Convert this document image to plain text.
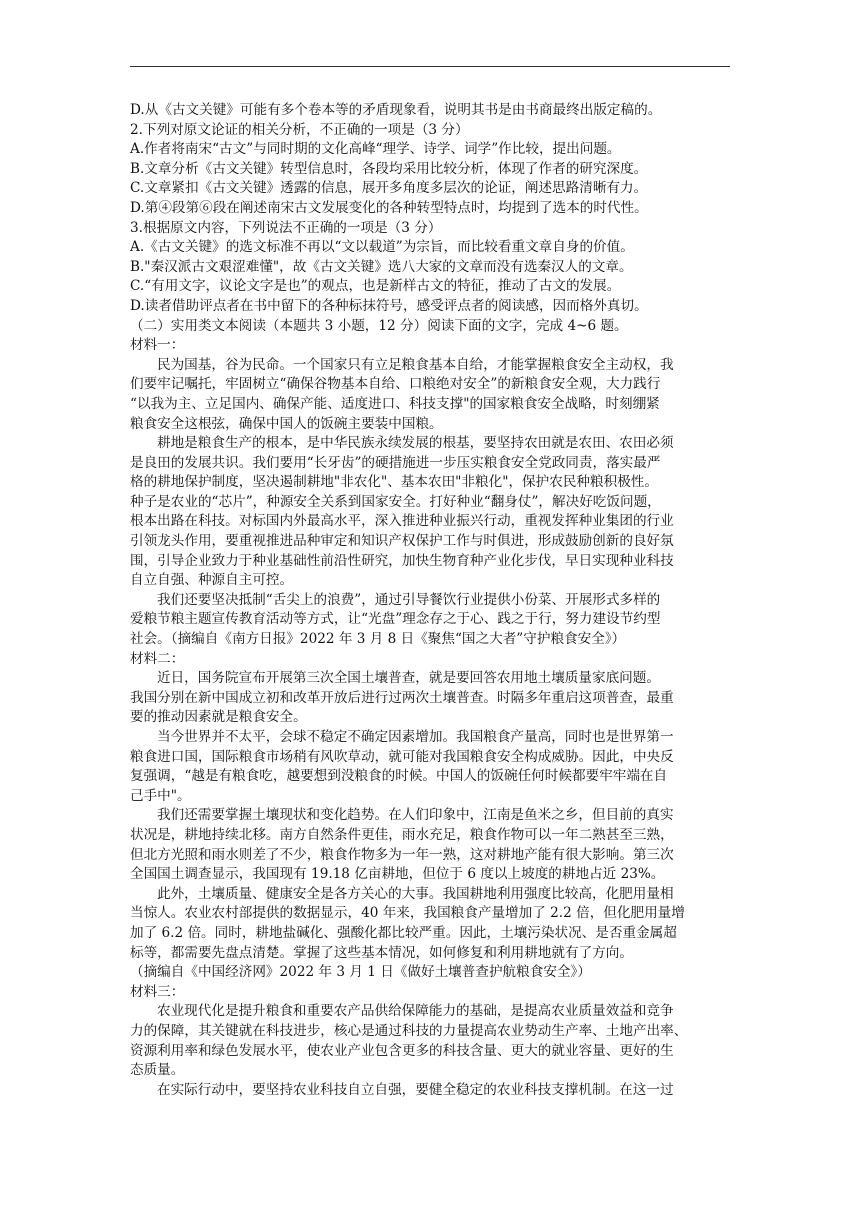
D.从《古文关键》可能有多个卷本等的矛盾现象看，说明其书是由书商最终出版定稿的。

2.下列对原文论证的相关分析，不正确的一项是（3 分）

A.作者将南宋“古文”与同时期的文化高峰“理学、诗学、词学”作比较，提出问题。

B.文章分析《古文关键》转型信息时，各段均采用比较分析，体现了作者的研究深度。

C.文章紧扣《古文关键》透露的信息，展开多角度多层次的论证，阐述思路清晰有力。

D.第④段第⑥段在阐述南宋古文发展变化的各种转型特点时，均提到了选本的时代性。

3.根据原文内容，下列说法不正确的一项是（3 分）

A.《古文关键》的选文标准不再以“文以载道”为宗旨，而比较看重文章自身的价值。

B."秦汉派古文艰涩难懂"，故《古文关键》选八大家的文章而没有选秦汉人的文章。

C.“有用文字，议论文字是也”的观点，也是新样古文的特征，推动了古文的发展。

D.读者借助评点者在书中留下的各种标抹符号，感受评点者的阅读感，因而格外真切。

（二）实用类文本阅读（本题共 3 小题，12 分）阅读下面的文字，完成 4~6 题。

材料一：

民为国基，谷为民命。一个国家只有立足粮食基本自给，才能掌握粮食安全主动权，我

们要牢记嘱托，牢固树立“确保谷物基本自给、口粮绝对安全”的新粮食安全观，大力践行

“以我为主、立足国内、确保产能、适度进口、科技支撑"的国家粮食安全战略，时刻绷紧

粮食安全这根弦，确保中国人的饭碗主要装中国粮。

耕地是粮食生产的根本，是中华民族永续发展的根基，要坚持农田就是农田、农田必须

是良田的发展共识。我们要用“长牙齿”的硬措施进一步压实粮食安全党政同责，落实最严

格的耕地保护制度，坚决遏制耕地"非农化"、基本农田"非粮化"，保护农民种粮积极性。

种子是农业的“芯片”，种源安全关系到国家安全。打好种业“翻身仗”，解决好吃饭问题，

根本出路在科技。对标国内外最高水平，深入推进种业振兴行动，重视发挥种业集团的行业

引领龙头作用，要重视推进品种审定和知识产权保护工作与时俱进，形成鼓励创新的良好氛

围，引导企业致力于种业基础性前沿性研究，加快生物育种产业化步伐，早日实现种业科技

自立自强、种源自主可控。

我们还要坚决抵制“舌尖上的浪费”，通过引导餐饮行业提供小份菜、开展形式多样的

爱粮节粮主题宣传教育活动等方式，让“光盘”理念存之于心、践之于行，努力建设节约型

社会。（摘编自《南方日报》2022 年 3 月 8 日《聚焦“国之大者”守护粮食安全》）

材料二：

近日，国务院宣布开展第三次全国土壤普查，就是要回答农用地土壤质量家底问题。

我国分别在新中国成立初和改革开放后进行过两次土壤普查。时隔多年重启这项普查，最重

要的推动因素就是粮食安全。

当今世界并不太平，会球不稳定不确定因素增加。我国粮食产量高，同时也是世界第一

粮食进口国，国际粮食市场稍有风吹草动，就可能对我国粮食安全构成威胁。因此，中央反

复强调，“越是有粮食吃，越要想到没粮食的时候。中国人的饭碗任何时候都要牢牢端在自

己手中"。

我们还需要掌握土壤现状和变化趋势。在人们印象中，江南是鱼米之乡，但目前的真实

状况是，耕地持续北移。南方自然条件更佳，雨水充足，粮食作物可以一年二熟甚至三熟，

但北方光照和雨水则差了不少，粮食作物多为一年一熟，这对耕地产能有很大影响。第三次

全国国土调查显示，我国现有 19.18 亿亩耕地，但位于 6 度以上坡度的耕地占近 23%。

此外，土壤质量、健康安全是各方关心的大事。我国耕地利用强度比较高，化肥用量相

当惊人。农业农村部提供的数据显示，40 年来，我国粮食产量增加了 2.2 倍，但化肥用量增

加了 6.2 倍。同时，耕地盐碱化、强酸化都比较严重。因此，土壤污染状况、是否重金属超

标等，都需要先盘点清楚。掌握了这些基本情况，如何修复和利用耕地就有了方向。

（摘编自《中国经济网》2022 年 3 月 1 日《做好土壤普查护航粮食安全》）

材料三：

农业现代化是提升粮食和重要农产品供给保障能力的基础，是提高农业质量效益和竞争

力的保障，其关键就在科技进步，核心是通过科技的力量提高农业势动生产率、土地产出率、

资源利用率和绿色发展水平，使农业产业包含更多的科技含量、更大的就业容量、更好的生

态质量。

在实际行动中，要坚持农业科技自立自强，要健全稳定的农业科技支撑机制。在这一过
